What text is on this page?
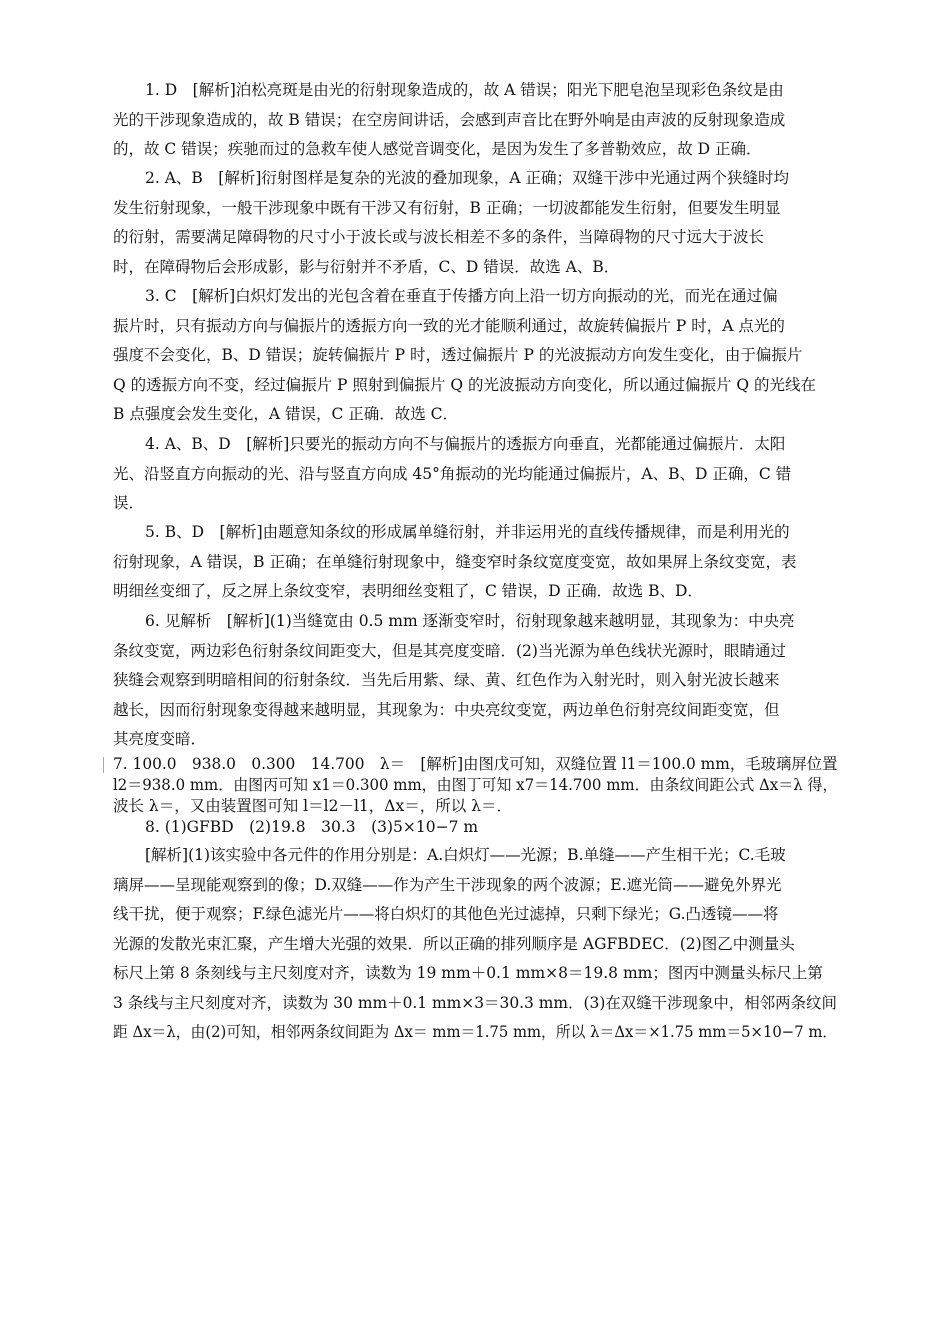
1. D　[解析]泊松亮斑是由光的衍射现象造成的，故 A 错误；阳光下肥皂泡呈现彩色条纹是由
光的干涉现象造成的，故 B 错误；在空房间讲话，会感到声音比在野外响是由声波的反射现象造成
的，故 C 错误；疾驰而过的急救车使人感觉音调变化，是因为发生了多普勒效应，故 D 正确．
2. A、B　[解析]衍射图样是复杂的光波的叠加现象，A 正确；双缝干涉中光通过两个狭缝时均
发生衍射现象，一般干涉现象中既有干涉又有衍射，B 正确；一切波都能发生衍射，但要发生明显
的衍射，需要满足障碍物的尺寸小于波长或与波长相差不多的条件，当障碍物的尺寸远大于波长
时，在障碍物后会形成影，影与衍射并不矛盾，C、D 错误．故选 A、B．
3. C　[解析]白炽灯发出的光包含着在垂直于传播方向上沿一切方向振动的光，而光在通过偏
振片时，只有振动方向与偏振片的透振方向一致的光才能顺利通过，故旋转偏振片 P 时，A 点光的
强度不会变化，B、D 错误；旋转偏振片 P 时，透过偏振片 P 的光波振动方向发生变化，由于偏振片
Q 的透振方向不变，经过偏振片 P 照射到偏振片 Q 的光波振动方向变化，所以通过偏振片 Q 的光线在
B 点强度会发生变化，A 错误，C 正确．故选 C．
4. A、B、D　[解析]只要光的振动方向不与偏振片的透振方向垂直，光都能通过偏振片．太阳
光、沿竖直方向振动的光、沿与竖直方向成 45°角振动的光均能通过偏振片，A、B、D 正确，C 错
误．
5. B、D　[解析]由题意知条纹的形成属单缝衍射，并非运用光的直线传播规律，而是利用光的
衍射现象，A 错误，B 正确；在单缝衍射现象中，缝变窄时条纹宽度变宽，故如果屏上条纹变宽，表
明细丝变细了，反之屏上条纹变窄，表明细丝变粗了，C 错误，D 正确．故选 B、D．
6. 见解析　[解析](1)当缝宽由 0.5 mm 逐渐变窄时，衍射现象越来越明显，其现象为：中央亮
条纹变宽，两边彩色衍射条纹间距变大，但是其亮度变暗．(2)当光源为单色线状光源时，眼睛通过
狭缝会观察到明暗相间的衍射条纹．当先后用紫、绿、黄、红色作为入射光时，则入射光波长越来
越长，因而衍射现象变得越来越明显，其现象为：中央亮纹变宽，两边单色衍射亮纹间距变宽，但
其亮度变暗．
7. 100.0　938.0　0.300　14.700　λ＝　[解析]由图戊可知，双缝位置 l1＝100.0 mm，毛玻璃屏位置
l2＝938.0 mm．由图丙可知 x1＝0.300 mm，由图丁可知 x7＝14.700 mm．由条纹间距公式 Δx＝λ 得，
波长 λ＝，又由装置图可知 l＝l2－l1，Δx＝，所以 λ＝．
8. (1)GFBD　(2)19.8　30.3　(3)5×10−7 m
[解析](1)该实验中各元件的作用分别是：A.白炽灯——光源；B.单缝——产生相干光；C.毛玻
璃屏——呈现能观察到的像；D.双缝——作为产生干涉现象的两个波源；E.遮光筒——避免外界光
线干扰，便于观察；F.绿色滤光片——将白炽灯的其他色光过滤掉，只剩下绿光；G.凸透镜——将
光源的发散光束汇聚，产生增大光强的效果．所以正确的排列顺序是 AGFBDEC．(2)图乙中测量头
标尺上第 8 条刻线与主尺刻度对齐，读数为 19 mm＋0.1 mm×8＝19.8 mm；图丙中测量头标尺上第
3 条线与主尺刻度对齐，读数为 30 mm＋0.1 mm×3＝30.3 mm．(3)在双缝干涉现象中，相邻两条纹间
距 Δx＝λ，由(2)可知，相邻两条纹间距为 Δx＝ mm＝1.75 mm，所以 λ＝Δx＝×1.75 mm＝5×10−7 m．
